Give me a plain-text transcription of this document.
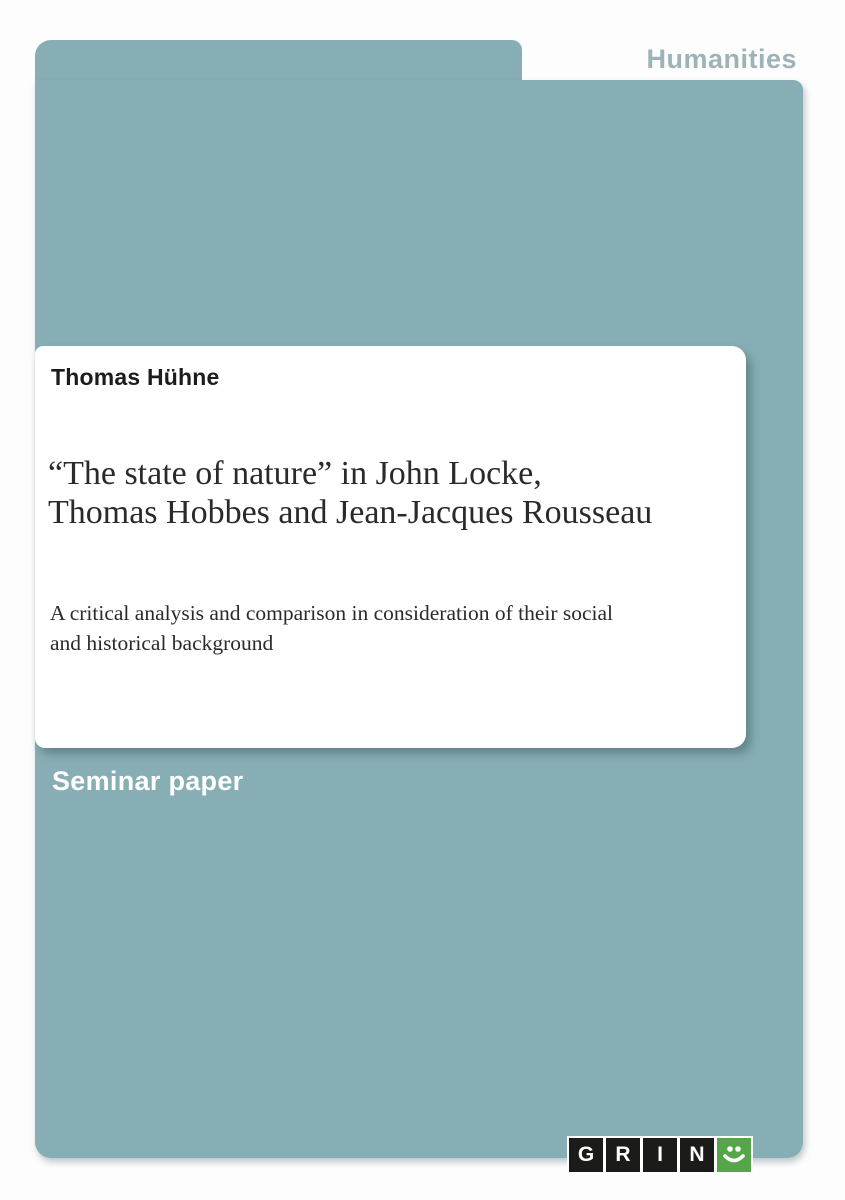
Humanities
Thomas Hühne
“The state of nature” in John Locke,
Thomas Hobbes and Jean-Jacques Rousseau
A critical analysis and comparison in consideration of their social
and historical background
Seminar paper
G	R	I	N
